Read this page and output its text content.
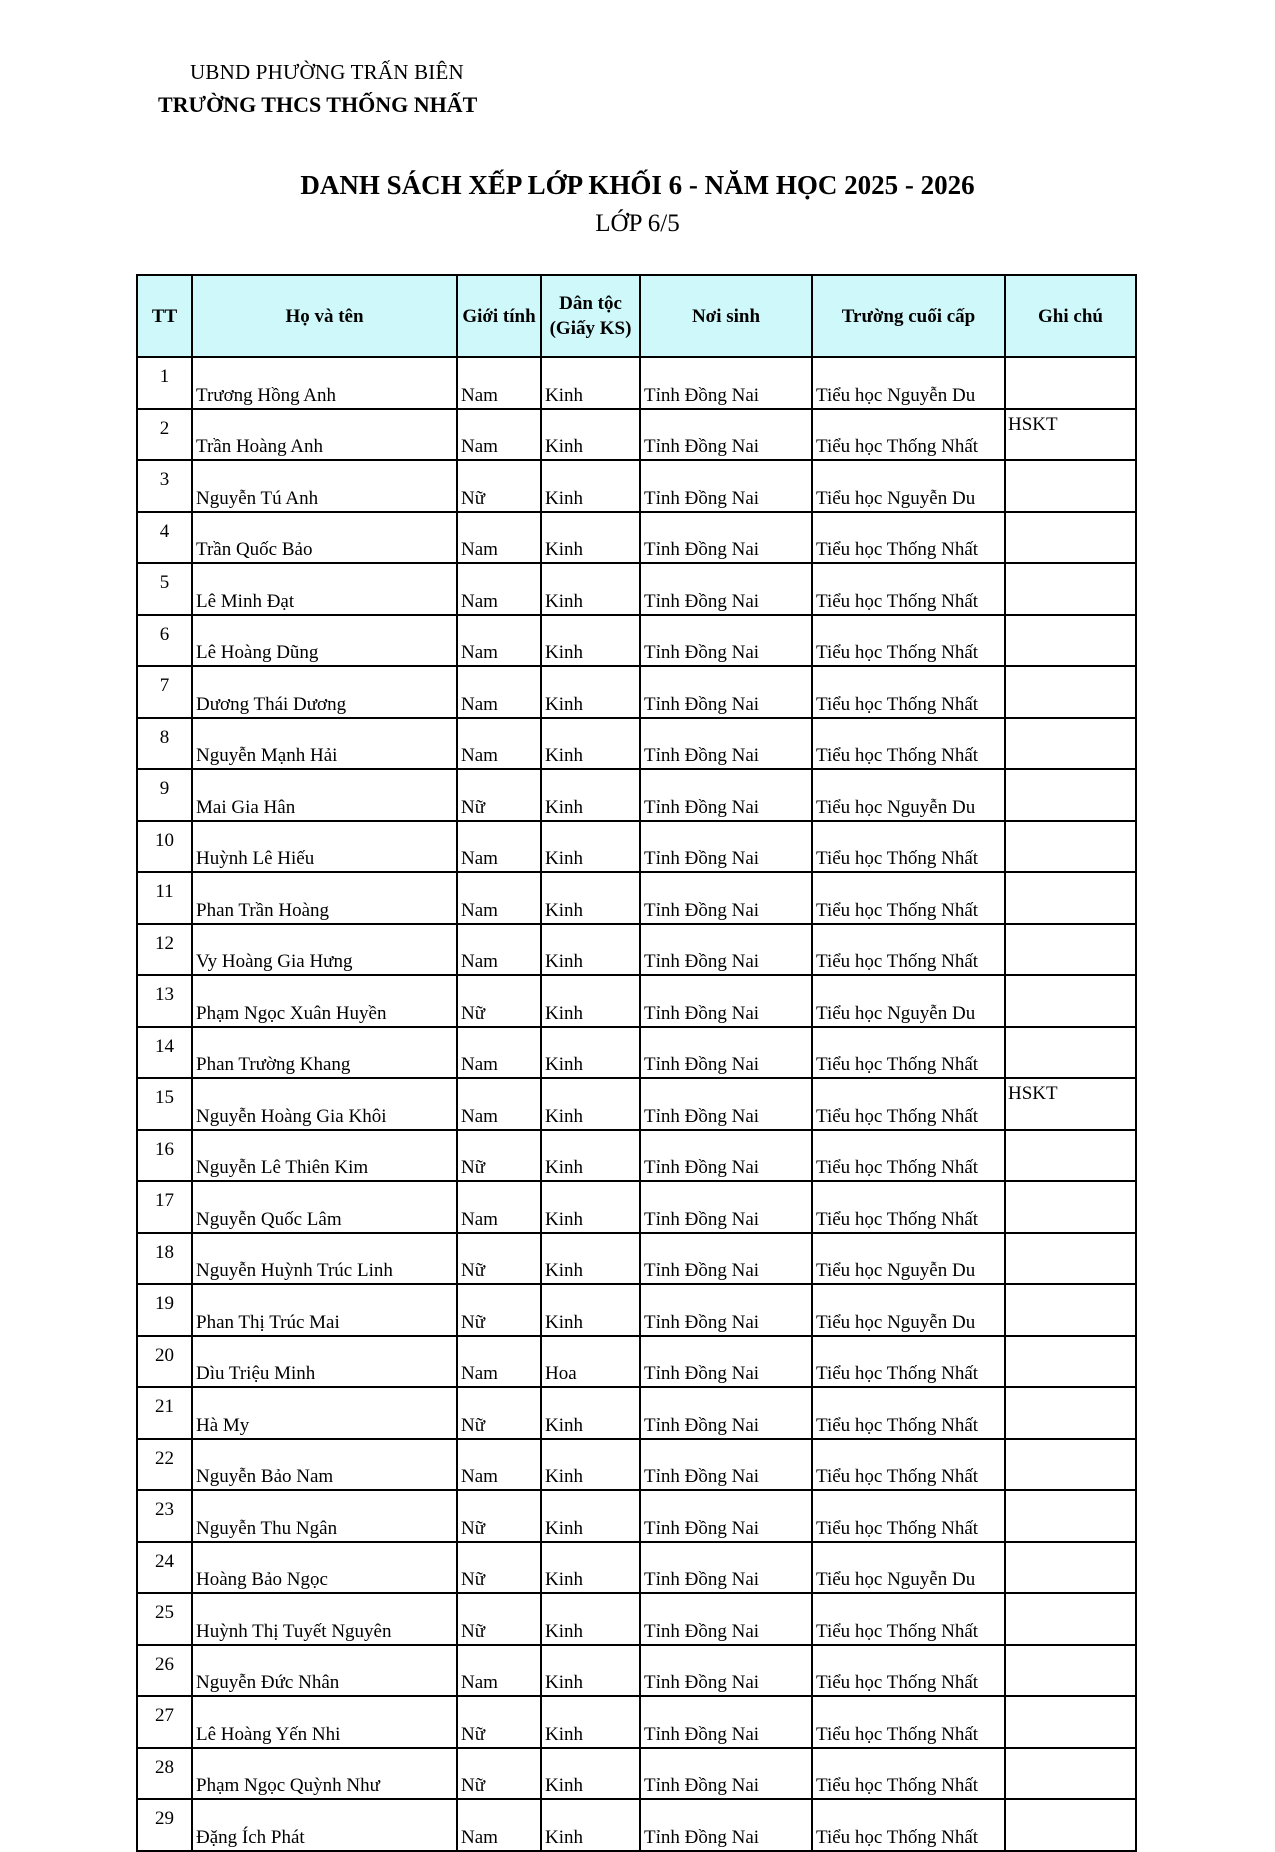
UBND PHƯỜNG TRẤN BIÊN
TRƯỜNG THCS THỐNG NHẤT
DANH SÁCH XẾP LỚP KHỐI 6 - NĂM HỌC 2025 - 2026
LỚP 6/5
TT	Họ và tên	Giới tính	Dân tộc (Giấy KS)	Nơi sinh	Trường cuối cấp	Ghi chú
1	Trương Hồng Anh	Nam	Kinh	Tỉnh Đồng Nai	Tiểu học Nguyễn Du	
2	Trần Hoàng Anh	Nam	Kinh	Tỉnh Đồng Nai	Tiểu học Thống Nhất	HSKT
3	Nguyễn Tú Anh	Nữ	Kinh	Tỉnh Đồng Nai	Tiểu học Nguyễn Du	
4	Trần Quốc Bảo	Nam	Kinh	Tỉnh Đồng Nai	Tiểu học Thống Nhất	
5	Lê Minh Đạt	Nam	Kinh	Tỉnh Đồng Nai	Tiểu học Thống Nhất	
6	Lê Hoàng Dũng	Nam	Kinh	Tỉnh Đồng Nai	Tiểu học Thống Nhất	
7	Dương Thái Dương	Nam	Kinh	Tỉnh Đồng Nai	Tiểu học Thống Nhất	
8	Nguyễn Mạnh Hải	Nam	Kinh	Tỉnh Đồng Nai	Tiểu học Thống Nhất	
9	Mai Gia Hân	Nữ	Kinh	Tỉnh Đồng Nai	Tiểu học Nguyễn Du	
10	Huỳnh Lê Hiếu	Nam	Kinh	Tỉnh Đồng Nai	Tiểu học Thống Nhất	
11	Phan Trần Hoàng	Nam	Kinh	Tỉnh Đồng Nai	Tiểu học Thống Nhất	
12	Vy Hoàng Gia Hưng	Nam	Kinh	Tỉnh Đồng Nai	Tiểu học Thống Nhất	
13	Phạm Ngọc Xuân Huyền	Nữ	Kinh	Tỉnh Đồng Nai	Tiểu học Nguyễn Du	
14	Phan Trường Khang	Nam	Kinh	Tỉnh Đồng Nai	Tiểu học Thống Nhất	
15	Nguyễn Hoàng Gia Khôi	Nam	Kinh	Tỉnh Đồng Nai	Tiểu học Thống Nhất	HSKT
16	Nguyễn Lê Thiên Kim	Nữ	Kinh	Tỉnh Đồng Nai	Tiểu học Thống Nhất	
17	Nguyễn Quốc Lâm	Nam	Kinh	Tỉnh Đồng Nai	Tiểu học Thống Nhất	
18	Nguyễn Huỳnh Trúc Linh	Nữ	Kinh	Tỉnh Đồng Nai	Tiểu học Nguyễn Du	
19	Phan Thị Trúc Mai	Nữ	Kinh	Tỉnh Đồng Nai	Tiểu học Nguyễn Du	
20	Dìu Triệu Minh	Nam	Hoa	Tỉnh Đồng Nai	Tiểu học Thống Nhất	
21	Hà My	Nữ	Kinh	Tỉnh Đồng Nai	Tiểu học Thống Nhất	
22	Nguyễn Bảo Nam	Nam	Kinh	Tỉnh Đồng Nai	Tiểu học Thống Nhất	
23	Nguyễn Thu Ngân	Nữ	Kinh	Tỉnh Đồng Nai	Tiểu học Thống Nhất	
24	Hoàng Bảo Ngọc	Nữ	Kinh	Tỉnh Đồng Nai	Tiểu học Nguyễn Du	
25	Huỳnh Thị Tuyết Nguyên	Nữ	Kinh	Tỉnh Đồng Nai	Tiểu học Thống Nhất	
26	Nguyễn Đức Nhân	Nam	Kinh	Tỉnh Đồng Nai	Tiểu học Thống Nhất	
27	Lê Hoàng Yến Nhi	Nữ	Kinh	Tỉnh Đồng Nai	Tiểu học Thống Nhất	
28	Phạm Ngọc Quỳnh Như	Nữ	Kinh	Tỉnh Đồng Nai	Tiểu học Thống Nhất	
29	Đặng Ích Phát	Nam	Kinh	Tỉnh Đồng Nai	Tiểu học Thống Nhất	
